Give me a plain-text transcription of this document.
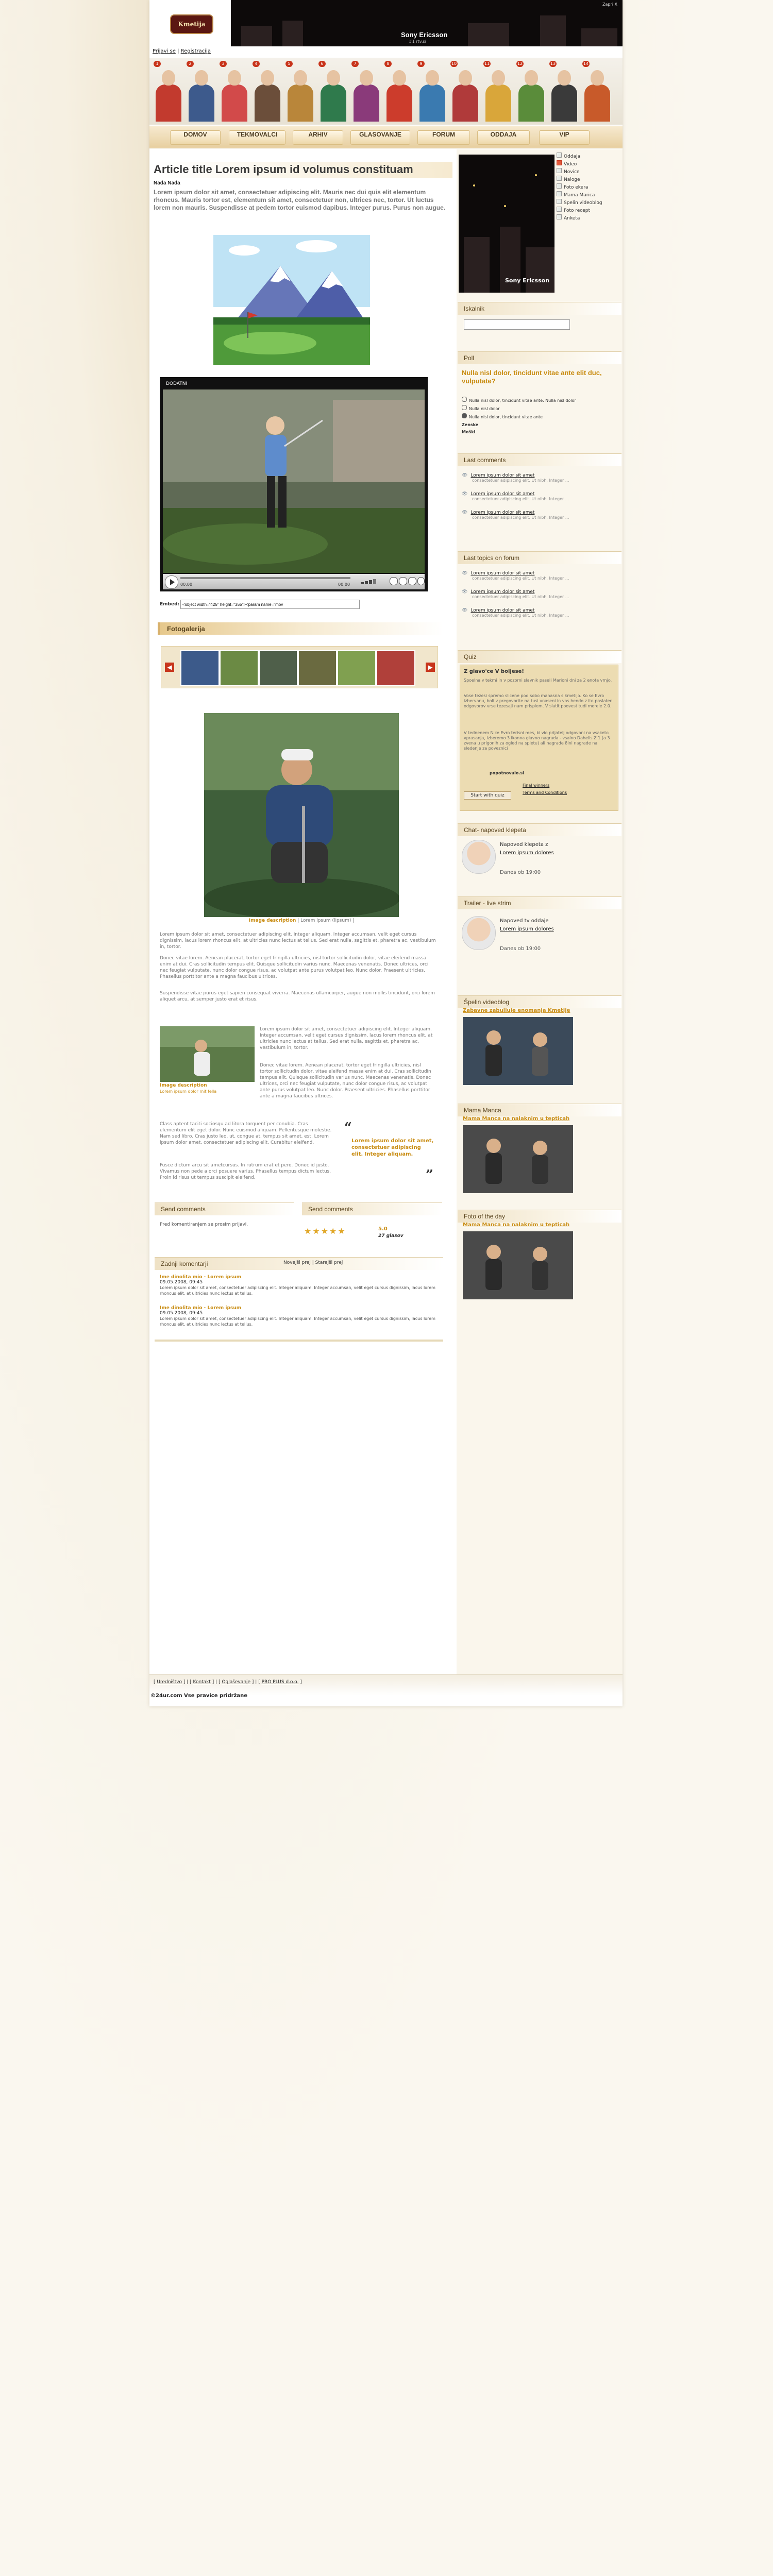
Kmetija
Zapri X
Sony Ericsson
#1 rtv.si
Prijavi se | Registracija
1	2	3	4	5	6	7	8	9	10	11	12	13	14
DOMOV	TEKMOVALCI	ARHIV	GLASOVANJE	FORUM	ODDAJA	VIP
Article title Lorem ipsum id volumus constituam
Nada Nada
Lorem ipsum dolor sit amet, consectetuer adipiscing elit. Mauris nec dui quis elit elementum rhoncus. Mauris tortor est, elementum sit amet, consectetuer non, ultrices nec, tortor. Ut luctus lorem non mauris. Suspendisse at pedem tortor euismod dapibus. Integer purus. Purus non augue.
DODATNI
00:00	00:00
Embed:
<object width="425" height="355"><param name="mov
Fotogalerija
◀	▶
Image description | Lorem ipsum (lipsum) |
Lorem ipsum dolor sit amet, consectetuer adipiscing elit. Integer aliquam. Integer accumsan, velit eget cursus dignissim, lacus lorem rhoncus elit, at ultricies nunc lectus at tellus. Sed erat nulla, sagittis et, pharetra ac, vestibulum in, tortor.
Donec vitae lorem. Aenean placerat, tortor eget fringilla ultricies, nisl tortor sollicitudin dolor, vitae eleifend massa enim at dui. Cras sollicitudin tempus elit. Quisque sollicitudin varius nunc. Maecenas venenatis. Donec ultrices, orci nec feugiat vulputate, nunc dolor congue risus, ac volutpat ante purus volutpat leo. Nunc dolor. Praesent ultricies. Phasellus porttitor ante a magna faucibus ultrices.
Suspendisse vitae purus eget sapien consequat viverra. Maecenas ullamcorper, augue non mollis tincidunt, orci lorem aliquet arcu, at semper justo erat et risus.
Image description
Lorem ipsum dolor mit fella
Lorem ipsum dolor sit amet, consectetuer adipiscing elit. Integer aliquam. Integer accumsan, velit eget cursus dignissim, lacus lorem rhoncus elit, at ultricies nunc lectus at tellus. Sed erat nulla, sagittis et, pharetra ac, vestibulum in, tortor.
Donec vitae lorem. Aenean placerat, tortor eget fringilla ultricies, nisl tortor sollicitudin dolor, vitae eleifend massa enim at dui. Cras sollicitudin tempus elit. Quisque sollicitudin varius nunc. Maecenas venenatis. Donec ultrices, orci nec feugiat vulputate, nunc dolor congue risus, ac volutpat ante purus volutpat leo. Nunc dolor. Praesent ultricies. Phasellus porttitor ante a magna faucibus ultrices.
Class aptent taciti sociosqu ad litora torquent per conubia. Cras elementum elit eget dolor. Nunc euismod aliquam. Pellentesque molestie. Nam sed libro. Cras justo leo, ut, congue at, tempus sit amet, est. Lorem ipsum dolor amet, consectetuer adipiscing elit. Curabitur eleifend.
Fusce dictum arcu sit ametcursus. In rutrum erat et pero. Donec id justo. Vivamus non pede a orci posuere varius. Phasellus tempus dictum lectus. Proin id risus ut tempus suscipit eleifend.
“
Lorem ipsum dolor sit amet, consectetuer adipiscing elit. Integer aliquam.
”
Send comments
Pred komentiranjem se prosim prijavi.
Send comments
★★★★★	5.0
27 glasov
Zadnji komentarji	Novejši prej | Starejši prej
Ime dinolita mio - Lorem ipsum
09.05.2008, 09:45
Lorem ipsum dolor sit amet, consectetuer adipiscing elit. Integer aliquam. Integer accumsan, velit eget cursus dignissim, lacus lorem rhoncus elit, at ultricies nunc lectus at tellus.
Ime dinolita mio - Lorem ipsum
09.05.2008, 09:45
Lorem ipsum dolor sit amet, consectetuer adipiscing elit. Integer aliquam. Integer accumsan, velit eget cursus dignissim, lacus lorem rhoncus elit, at ultricies nunc lectus at tellus.
Sony Ericsson
Oddaja
Video
Novice
Nalogе
Foto ekera
Mama Marica
Spelin videoblog
Foto recept
Anketa
Iskalnik
Poll
Nulla nisl dolor, tincidunt vitae ante elit duc, vulputate?
Nulla nisl dolor, tincidunt vitae ante. Nulla nisl dolor
Nulla nisl dolor
Nulla nisl dolor, tincidunt vitae ante
Zenske
Moški
Last comments
👁 Lorem ipsum dolor sit amet
consectetuer adipiscing elit. Ut nibh. Integer ...
👁 Lorem ipsum dolor sit amet
consectetuer adipiscing elit. Ut nibh. Integer ...
👁 Lorem ipsum dolor sit amet
consectetuer adipiscing elit. Ut nibh. Integer ...
Last topics on forum
👁 Lorem ipsum dolor sit amet
consectetuer adipiscing elit. Ut nibh. Integer ...
👁 Lorem ipsum dolor sit amet
consectetuer adipiscing elit. Ut nibh. Integer ...
👁 Lorem ipsum dolor sit amet
consectetuer adipiscing elit. Ut nibh. Integer ...
Quiz
Z glavo'ce V boljese!
Spoelna v tekmi in v pozorni slavnik paseli Marioni dni za 2 enota vrnjo.
Vose tezesi spremo slicene pod sobo manasna s kmetijo. Ko se Evro izbervanu, boli v pregovorite na tusi vnaseni in vas hendo z ito poslaten odgovorov vrse tezesaji nam prispiem. V slatit poovest tudi moreie 2.0.
V tednenem Nike Evro terisni mes, ki vio prijatelj odgovoni na vsaketo vprasanja, izberemo 3 ikonna glavno nagrada - vsalno Dahelis Z 1 (a 3 zvena u prigonih za ogled na spletu) ali nagrade 8ini nagrade na sledenje za poveznici
popotnovalo.si
Start with quiz
Final winners
Terms and Conditions
Chat- napoved klepeta
Napoved klepeta z
Lorem ipsum dolores
Danes ob 19:00
Trailer - live strim
Napoved tv oddaje
Lorem ipsum dolores
Danes ob 19:00
Špelin videoblog
Zabavne zabuliuje enomanja Kmetije
Mama Manca
Mama Manca na nalaknim u tepticah
Foto of the day
Mama Manca na nalaknim u tepticah
[ Uredništvo ] | [ Kontakt ] | [ Oglaševanje ] | [ PRO PLUS d.o.o. ]
©24ur.com Vse pravice pridržane
